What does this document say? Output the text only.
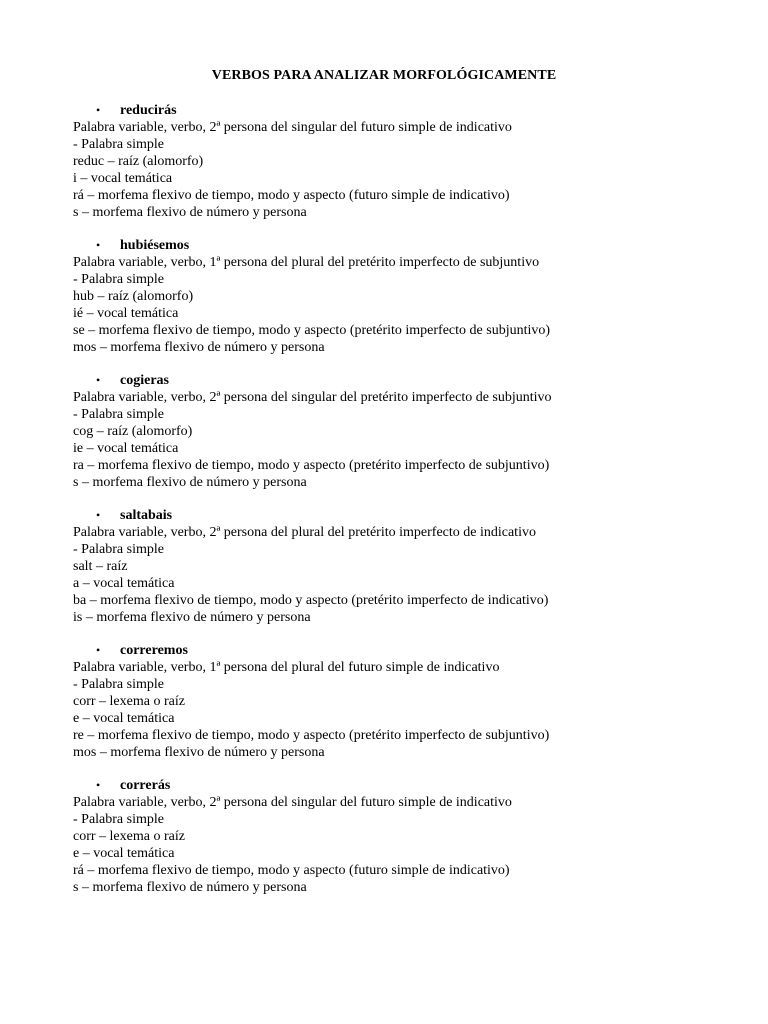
VERBOS PARA ANALIZAR MORFOLÓGICAMENTE
•	reducirás

Palabra variable, verbo, 2ª persona del singular del futuro simple de indicativo

- Palabra simple

reduc – raíz (alomorfo)

i – vocal temática

rá – morfema flexivo de tiempo, modo y aspecto (futuro simple de indicativo)

s – morfema flexivo de número y persona

•	hubiésemos

Palabra variable, verbo, 1ª persona del plural del pretérito imperfecto de subjuntivo

- Palabra simple

hub – raíz (alomorfo)

ié – vocal temática

se – morfema flexivo de tiempo, modo y aspecto (pretérito imperfecto de subjuntivo)

mos – morfema flexivo de número y persona

•	cogieras

Palabra variable, verbo, 2ª persona del singular del pretérito imperfecto de subjuntivo

- Palabra simple

cog – raíz (alomorfo)

ie – vocal temática

ra – morfema flexivo de tiempo, modo y aspecto (pretérito imperfecto de subjuntivo)

s – morfema flexivo de número y persona

•	saltabais

Palabra variable, verbo, 2ª persona del plural del pretérito imperfecto de indicativo

- Palabra simple

salt – raíz

a – vocal temática

ba – morfema flexivo de tiempo, modo y aspecto (pretérito imperfecto de indicativo)

is – morfema flexivo de número y persona

•	correremos

Palabra variable, verbo, 1ª persona del plural del futuro simple de indicativo

- Palabra simple

corr – lexema o raíz

e – vocal temática

re – morfema flexivo de tiempo, modo y aspecto (pretérito imperfecto de subjuntivo)

mos – morfema flexivo de número y persona

•	correrás

Palabra variable, verbo, 2ª persona del singular del futuro simple de indicativo

- Palabra simple

corr – lexema o raíz

e – vocal temática

rá – morfema flexivo de tiempo, modo y aspecto (futuro simple de indicativo)

s – morfema flexivo de número y persona
